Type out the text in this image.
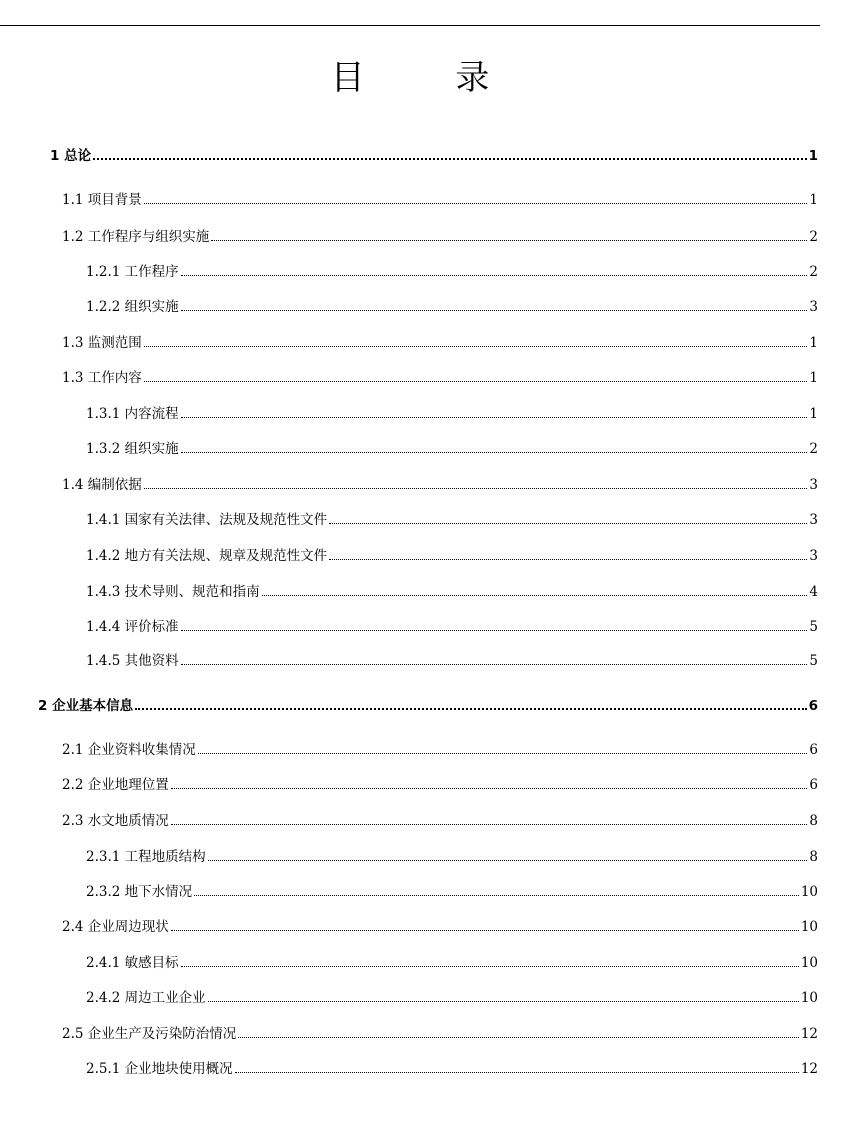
目 录
1 总论	1
1.1 项目背景	1
1.2 工作程序与组织实施	2
1.2.1 工作程序	2
1.2.2 组织实施	3
1.3 监测范围	1
1.3 工作内容	1
1.3.1 内容流程	1
1.3.2 组织实施	2
1.4 编制依据	3
1.4.1 国家有关法律、法规及规范性文件	3
1.4.2 地方有关法规、规章及规范性文件	3
1.4.3 技术导则、规范和指南	4
1.4.4 评价标准	5
1.4.5 其他资料	5
2 企业基本信息	6
2.1 企业资料收集情况	6
2.2 企业地理位置	6
2.3 水文地质情况	8
2.3.1 工程地质结构	8
2.3.2 地下水情况	10
2.4 企业周边现状	10
2.4.1 敏感目标	10
2.4.2 周边工业企业	10
2.5 企业生产及污染防治情况	12
2.5.1 企业地块使用概况	12
